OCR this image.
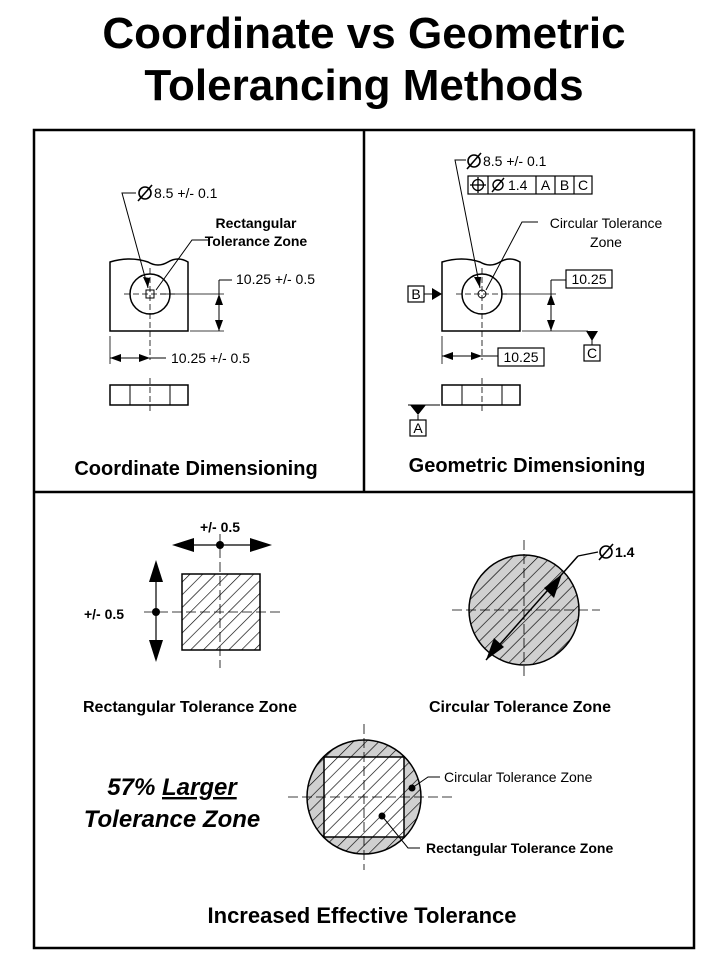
Coordinate vs Geometric
Tolerancing Methods
8.5 +/- 0.1
Rectangular
Tolerance Zone
10.25 +/- 0.5
10.25 +/- 0.5
Coordinate Dimensioning
8.5 +/- 0.1
1.4 A B C
Circular Tolerance
Zone
10.25
10.25
B
C
A
Geometric Dimensioning
+/- 0.5
+/- 0.5
Rectangular Tolerance Zone
1.4
Circular Tolerance Zone
57% Larger
Tolerance Zone
Circular Tolerance Zone
Rectangular Tolerance Zone
Increased Effective Tolerance
